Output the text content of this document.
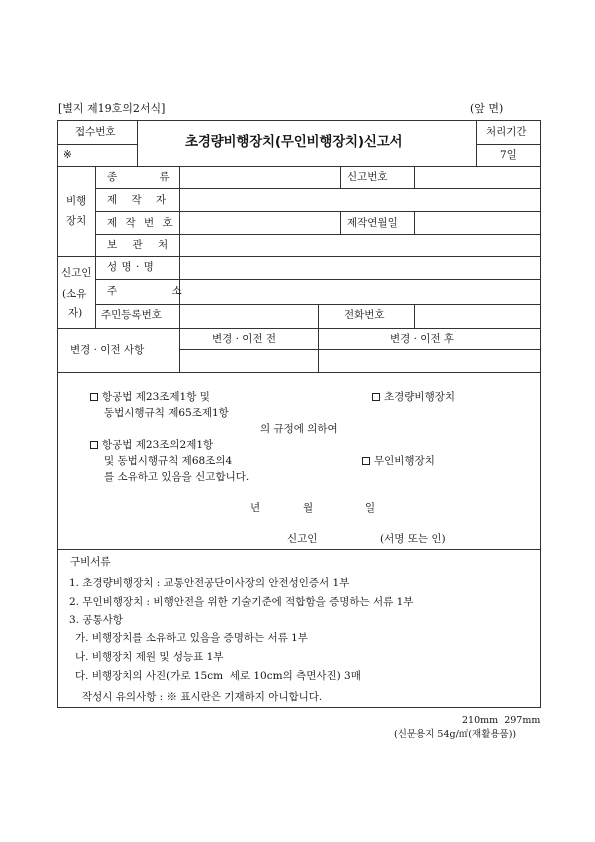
[별지 제19호의2서식]	(앞 면)
접수번호
※
초경량비행장치(무인비행장치)신고서
처리기간
7일
비행
장치
종 류	신고번호
제 작 자
제 작 번 호	제작연월일
보 관 처
신고인
(소유
자)
성 명 · 명
주 소
주민등록번호	전화번호
변경 · 이전 사항
변경 · 이전 전	변경 · 이전 후
항공법 제23조제1항 및
동법시행규칙 제65조제1항
초경량비행장치
의 규정에 의하여
항공법 제23조의2제1항
및 동법시행규칙 제68조의4	무인비행장치
를 소유하고 있음을 신고합니다.
년	월	일
신고인	(서명 또는 인)
구비서류
1. 초경량비행장치 : 교통안전공단이사장의 안전성인증서 1부
2. 무인비행장치 : 비행안전을 위한 기술기준에 적합함을 증명하는 서류 1부
3. 공통사항
가. 비행장치를 소유하고 있음을 증명하는 서류 1부
나. 비행장치 제원 및 성능표 1부
다. 비행장치의 사진(가로 15cm  세로 10cm의 측면사진) 3매
작성시 유의사항 : ※ 표시란은 기재하지 아니합니다.
210mm  297mm
(신문용지 54g/㎡(재활용품))
